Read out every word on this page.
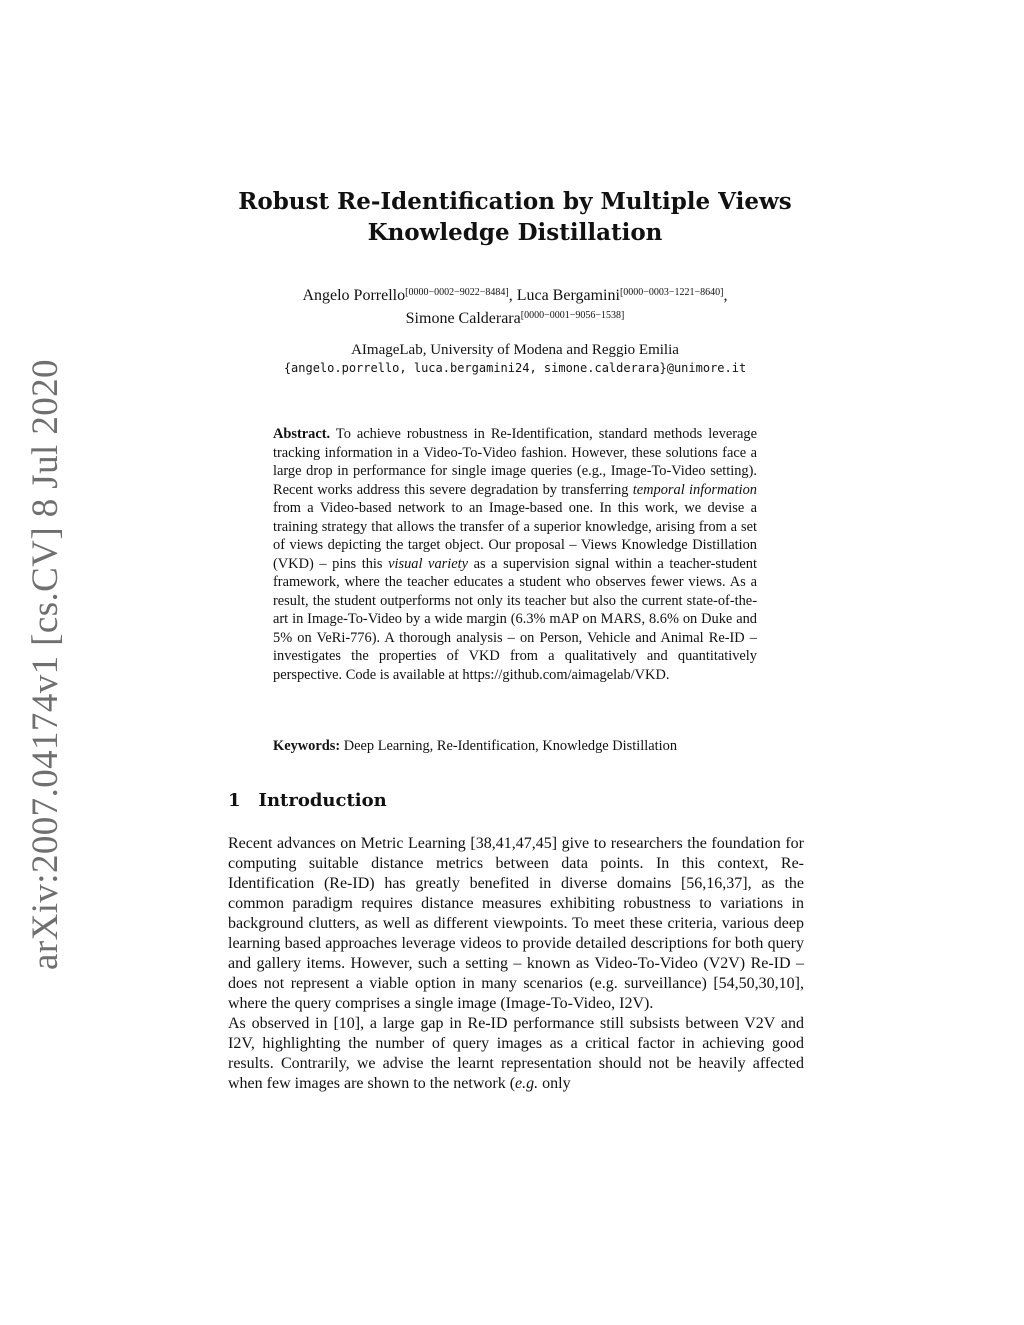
arXiv:2007.04174v1 [cs.CV] 8 Jul 2020
Robust Re-Identification by Multiple Views
Knowledge Distillation
Angelo Porrello[0000−0002−9022−8484], Luca Bergamini[0000−0003−1221−8640],
Simone Calderara[0000−0001−9056−1538]
AImageLab, University of Modena and Reggio Emilia
{angelo.porrello, luca.bergamini24, simone.calderara}@unimore.it
Abstract. To achieve robustness in Re-Identification, standard methods leverage tracking information in a Video-To-Video fashion. However, these solutions face a large drop in performance for single image queries (e.g., Image-To-Video setting). Recent works address this severe degradation by transferring temporal information from a Video-based network to an Image-based one. In this work, we devise a training strategy that allows the transfer of a superior knowledge, arising from a set of views depicting the target object. Our proposal – Views Knowledge Distillation (VKD) – pins this visual variety as a supervision signal within a teacher-student framework, where the teacher educates a student who observes fewer views. As a result, the student outperforms not only its teacher but also the current state-of-the-art in Image-To-Video by a wide margin (6.3% mAP on MARS, 8.6% on Duke and 5% on VeRi-776). A thorough analysis – on Person, Vehicle and Animal Re-ID – investigates the properties of VKD from a qualitatively and quantitatively perspective. Code is available at https://github.com/aimagelab/VKD.
Keywords: Deep Learning, Re-Identification, Knowledge Distillation
1 Introduction

Recent advances on Metric Learning [38,41,47,45] give to researchers the foundation for computing suitable distance metrics between data points. In this context, Re-Identification (Re-ID) has greatly benefited in diverse domains [56,16,37], as the common paradigm requires distance measures exhibiting robustness to variations in background clutters, as well as different viewpoints. To meet these criteria, various deep learning based approaches leverage videos to provide detailed descriptions for both query and gallery items. However, such a setting – known as Video-To-Video (V2V) Re-ID – does not represent a viable option in many scenarios (e.g. surveillance) [54,50,30,10], where the query comprises a single image (Image-To-Video, I2V).

As observed in [10], a large gap in Re-ID performance still subsists between V2V and I2V, highlighting the number of query images as a critical factor in achieving good results. Contrarily, we advise the learnt representation should not be heavily affected when few images are shown to the network (e.g. only
